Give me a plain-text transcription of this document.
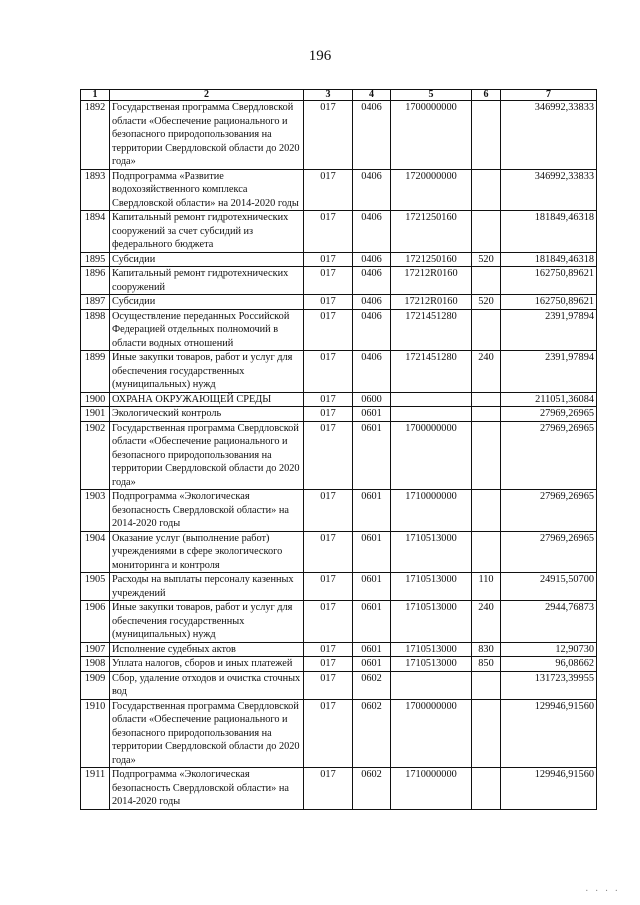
196
1	2	3	4	5	6	7
1892	Государственая программа Свердловской области «Обеспечение рационального и безопасного природопользования на территории Свердловской области до 2020 года»	017	0406	1700000000		346992,33833
1893	Подпрограмма «Развитие водохозяйственного комплекса Свердловской области» на 2014-2020 годы	017	0406	1720000000		346992,33833
1894	Капитальный ремонт гидротехнических сооружений за счет субсидий из федерального бюджета	017	0406	1721250160		181849,46318
1895	Субсидии	017	0406	1721250160	520	181849,46318
1896	Капитальный ремонт гидротехнических сооружений	017	0406	17212R0160		162750,89621
1897	Субсидии	017	0406	17212R0160	520	162750,89621
1898	Осуществление переданных Российской Федерацией отдельных полномочий в области водных отношений	017	0406	1721451280		2391,97894
1899	Иные закупки товаров, работ и услуг для обеспечения государственных (муниципальных) нужд	017	0406	1721451280	240	2391,97894
1900	ОХРАНА ОКРУЖАЮЩЕЙ СРЕДЫ	017	0600			211051,36084
1901	Экологический контроль	017	0601			27969,26965
1902	Государственная программа Свердловской области «Обеспечение рационального и безопасного природопользования на территории Свердловской области до 2020 года»	017	0601	1700000000		27969,26965
1903	Подпрограмма «Экологическая безопасность Свердловской области» на 2014-2020 годы	017	0601	1710000000		27969,26965
1904	Оказание услуг (выполнение работ) учреждениями в сфере экологического мониторинга и контроля	017	0601	1710513000		27969,26965
1905	Расходы на выплаты персоналу казенных учреждений	017	0601	1710513000	110	24915,50700
1906	Иные закупки товаров, работ и услуг для обеспечения государственных (муниципальных) нужд	017	0601	1710513000	240	2944,76873
1907	Исполнение судебных актов	017	0601	1710513000	830	12,90730
1908	Уплата налогов, сборов и иных платежей	017	0601	1710513000	850	96,08662
1909	Сбор, удаление отходов и очистка сточных вод	017	0602			131723,39955
1910	Государственная программа Свердловской области «Обеспечение рационального и безопасного природопользования на территории Свердловской области до 2020 года»	017	0602	1700000000		129946,91560
1911	Подпрограмма «Экологическая безопасность Свердловской области» на 2014-2020 годы	017	0602	1710000000		129946,91560
· · · ·
